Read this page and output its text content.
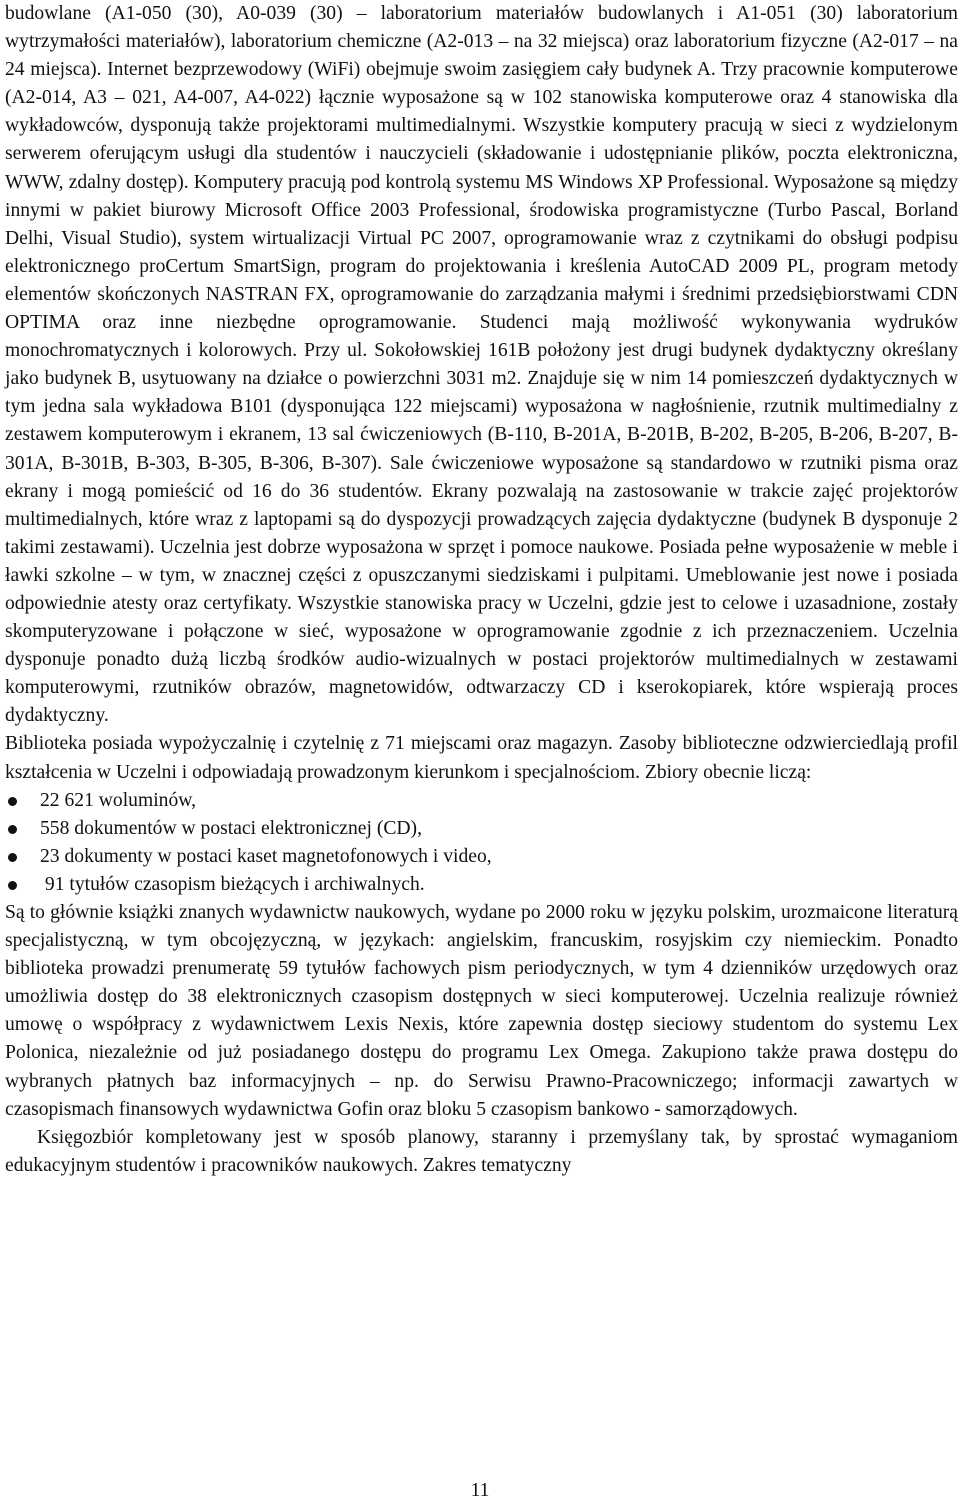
budowlane (A1-050 (30), A0-039 (30) – laboratorium materiałów budowlanych i A1-051 (30) laboratorium wytrzymałości materiałów), laboratorium chemiczne (A2-013 – na 32 miejsca) oraz laboratorium fizyczne (A2-017 – na 24 miejsca). Internet bezprzewodowy (WiFi) obejmuje swoim zasięgiem cały budynek A. Trzy pracownie komputerowe (A2-014, A3 – 021, A4-007, A4-022) łącznie wyposażone są w 102 stanowiska komputerowe oraz 4 stanowiska dla wykładowców, dysponują także projektorami multimedialnymi. Wszystkie komputery pracują w sieci z wydzielonym serwerem oferującym usługi dla studentów i nauczycieli (składowanie i udostępnianie plików, poczta elektroniczna, WWW, zdalny dostęp). Komputery pracują pod kontrolą systemu MS Windows XP Professional. Wyposażone są między innymi w pakiet biurowy Microsoft Office 2003 Professional, środowiska programistyczne (Turbo Pascal, Borland Delhi, Visual Studio), system wirtualizacji Virtual PC 2007, oprogramowanie wraz z czytnikami do obsługi podpisu elektronicznego proCertum SmartSign, program do projektowania i kreślenia AutoCAD 2009 PL, program metody elementów skończonych NASTRAN FX, oprogramowanie do zarządzania małymi i średnimi przedsiębiorstwami CDN OPTIMA oraz inne niezbędne oprogramowanie. Studenci mają możliwość wykonywania wydruków monochromatycznych i kolorowych. Przy ul. Sokołowskiej 161B położony jest drugi budynek dydaktyczny określany jako budynek B, usytuowany na działce o powierzchni 3031 m2. Znajduje się w nim 14 pomieszczeń dydaktycznych w tym jedna sala wykładowa B101 (dysponująca 122 miejscami) wyposażona w nagłośnienie, rzutnik multimedialny z zestawem komputerowym i ekranem, 13 sal ćwiczeniowych (B-110, B-201A, B-201B, B-202, B-205, B-206, B-207, B-301A, B-301B, B-303, B-305, B-306, B-307). Sale ćwiczeniowe wyposażone są standardowo w rzutniki pisma oraz ekrany i mogą pomieścić od 16 do 36 studentów. Ekrany pozwalają na zastosowanie w trakcie zajęć projektorów multimedialnych, które wraz z laptopami są do dyspozycji prowadzących zajęcia dydaktyczne (budynek B dysponuje 2 takimi zestawami). Uczelnia jest dobrze wyposażona w sprzęt i pomoce naukowe. Posiada pełne wyposażenie w meble i ławki szkolne – w tym, w znacznej części z opuszczanymi siedziskami i pulpitami. Umeblowanie jest nowe i posiada odpowiednie atesty oraz certyfikaty. Wszystkie stanowiska pracy w Uczelni, gdzie jest to celowe i uzasadnione, zostały skomputeryzowane i połączone w sieć, wyposażone w oprogramowanie zgodnie z ich przeznaczeniem. Uczelnia dysponuje ponadto dużą liczbą środków audio-wizualnych w postaci projektorów multimedialnych w zestawami komputerowymi, rzutników obrazów, magnetowidów, odtwarzaczy CD i kserokopiarek, które wspierają proces dydaktyczny.

Biblioteka posiada wypożyczalnię i czytelnię z 71 miejscami oraz magazyn. Zasoby biblioteczne odzwierciedlają profil kształcenia w Uczelni i odpowiadają prowadzonym kierunkom i specjalnościom. Zbiory obecnie liczą:

22 621 woluminów,
558 dokumentów w postaci elektronicznej (CD),
23 dokumenty w postaci kaset magnetofonowych i video,
91 tytułów czasopism bieżących i archiwalnych.

Są to głównie książki znanych wydawnictw naukowych, wydane po 2000 roku w języku polskim, urozmaicone literaturą specjalistyczną, w tym obcojęzyczną, w językach: angielskim, francuskim, rosyjskim czy niemieckim. Ponadto biblioteka prowadzi prenumeratę 59 tytułów fachowych pism periodycznych, w tym 4 dzienników urzędowych oraz umożliwia dostęp do 38 elektronicznych czasopism dostępnych w sieci komputerowej. Uczelnia realizuje również umowę o współpracy z wydawnictwem Lexis Nexis, które zapewnia dostęp sieciowy studentom do systemu Lex Polonica, niezależnie od już posiadanego dostępu do programu Lex Omega. Zakupiono także prawa dostępu do wybranych płatnych baz informacyjnych – np. do Serwisu Prawno-Pracowniczego; informacji zawartych w czasopismach finansowych wydawnictwa Gofin oraz bloku 5 czasopism bankowo - samorządowych.

Księgozbiór kompletowany jest w sposób planowy, staranny i przemyślany tak, by sprostać wymaganiom edukacyjnym studentów i pracowników naukowych. Zakres tematyczny

11
